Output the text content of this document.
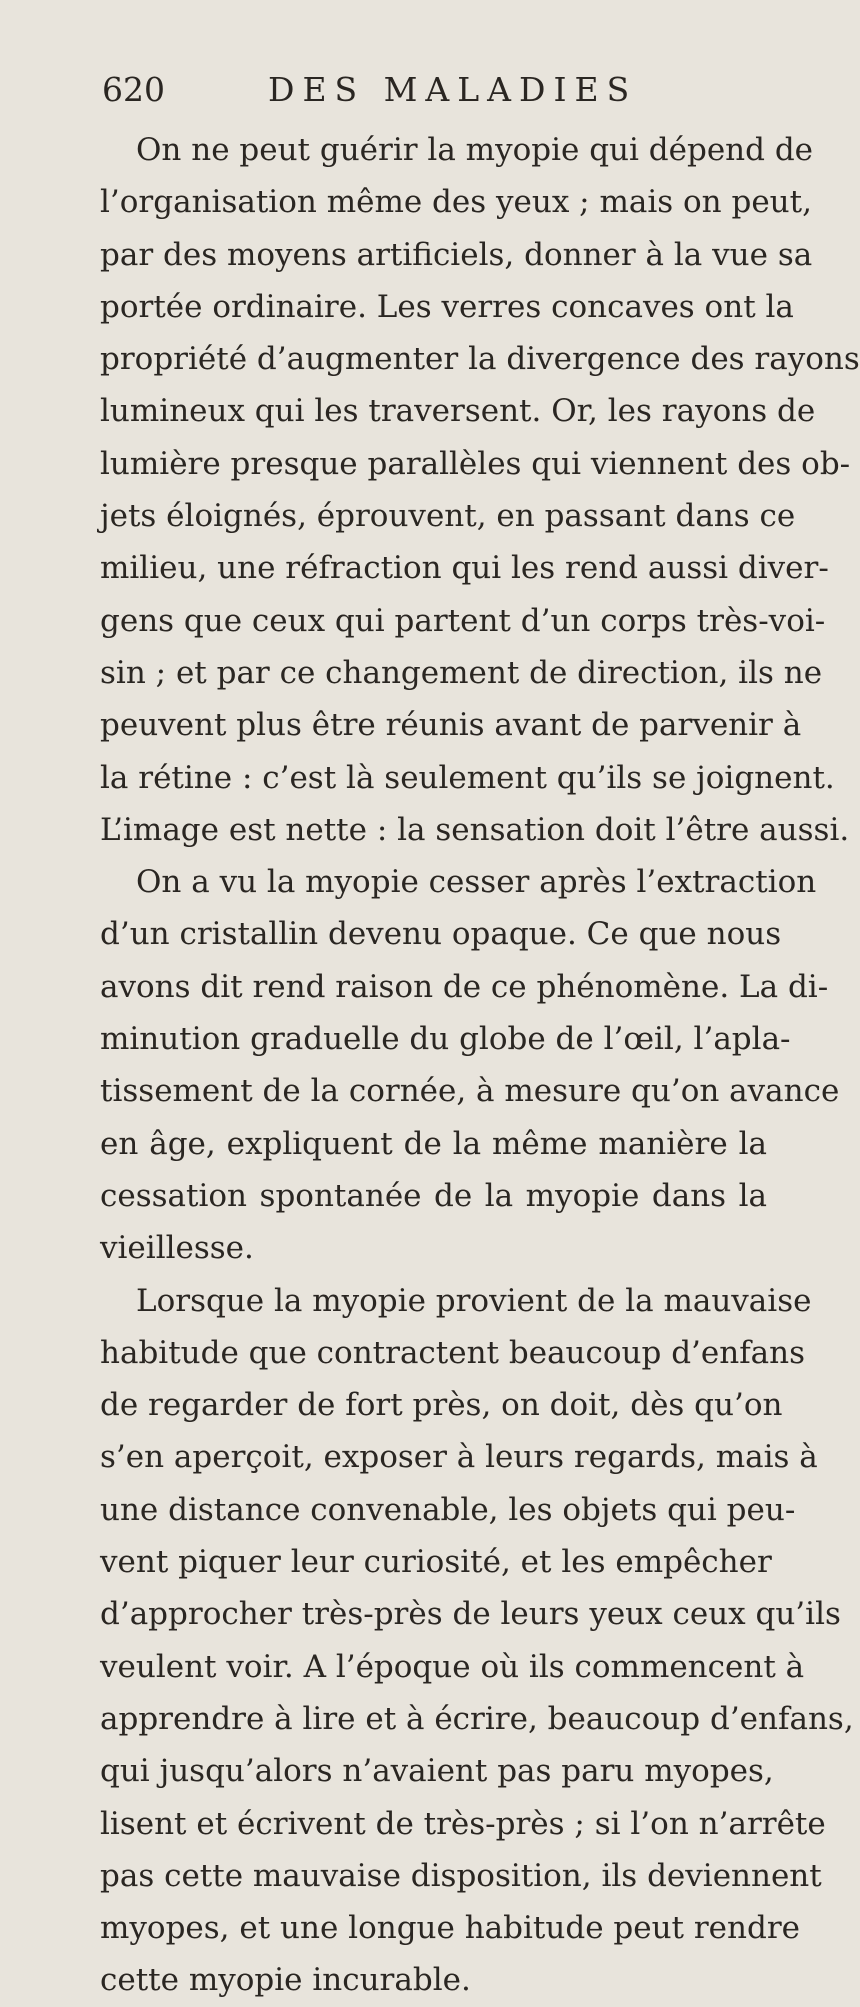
620	DES MALADIES
On ne peut guérir la myopie qui dépend de
l’organisation même des yeux ; mais on peut,
par des moyens artificiels, donner à la vue sa
portée ordinaire. Les verres concaves ont la
propriété d’augmenter la divergence des rayons
lumineux qui les traversent. Or, les rayons de
lumière presque parallèles qui viennent des ob-
jets éloignés, éprouvent, en passant dans ce
milieu, une réfraction qui les rend aussi diver-
gens que ceux qui partent d’un corps très-voi-
sin ; et par ce changement de direction, ils ne
peuvent plus être réunis avant de parvenir à
la rétine : c’est là seulement qu’ils se joignent.
L’image est nette : la sensation doit l’être aussi.
On a vu la myopie cesser après l’extraction
d’un cristallin devenu opaque. Ce que nous
avons dit rend raison de ce phénomène. La di-
minution graduelle du globe de l’œil, l’apla-
tissement de la cornée, à mesure qu’on avance
en âge, expliquent de la même manière la
cessation spontanée de la myopie dans la
vieillesse.
Lorsque la myopie provient de la mauvaise
habitude que contractent beaucoup d’enfans
de regarder de fort près, on doit, dès qu’on
s’en aperçoit, exposer à leurs regards, mais à
une distance convenable, les objets qui peu-
vent piquer leur curiosité, et les empêcher
d’approcher très-près de leurs yeux ceux qu’ils
veulent voir. A l’époque où ils commencent à
apprendre à lire et à écrire, beaucoup d’enfans,
qui jusqu’alors n’avaient pas paru myopes,
lisent et écrivent de très-près ; si l’on n’arrête
pas cette mauvaise disposition, ils deviennent
myopes, et une longue habitude peut rendre
cette myopie incurable.
